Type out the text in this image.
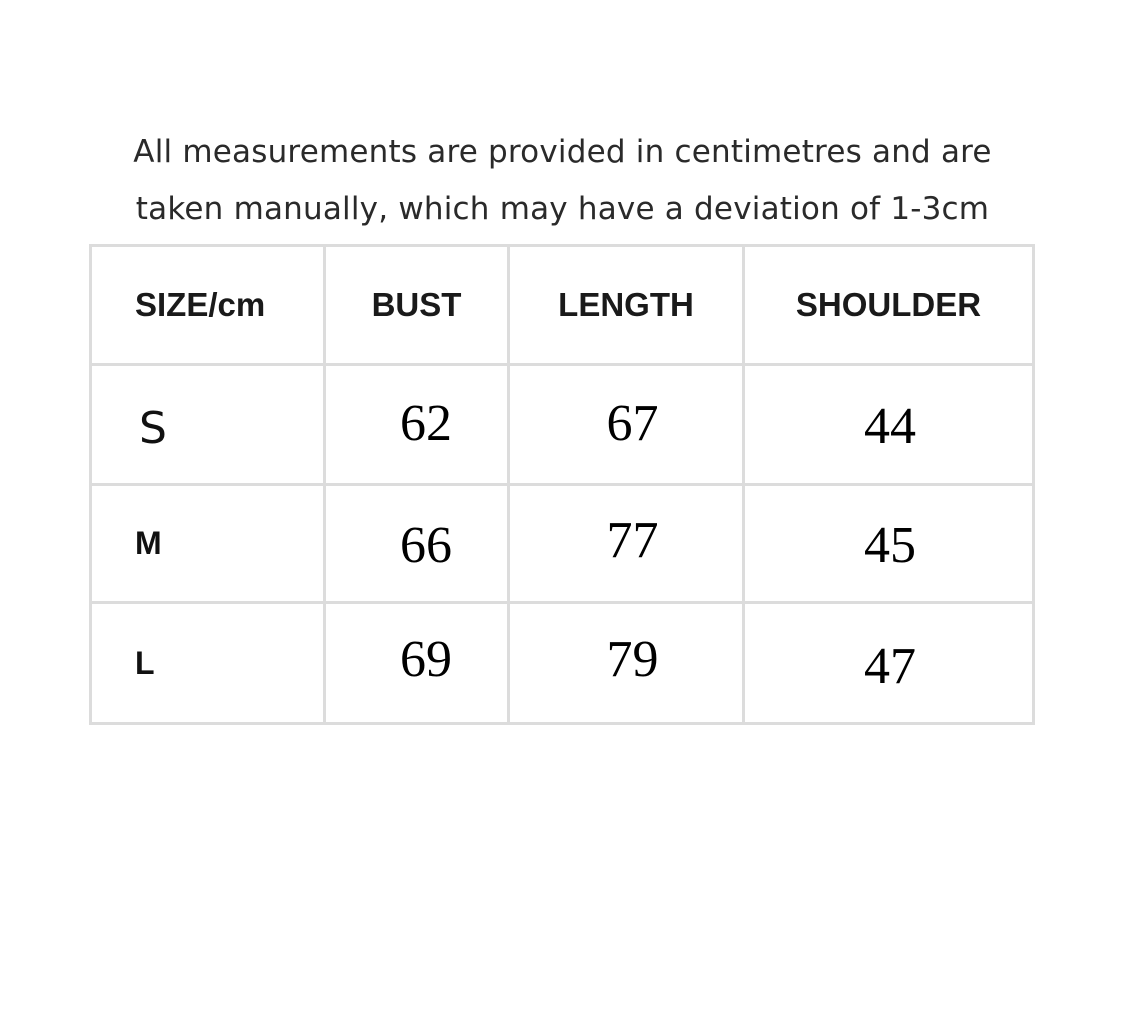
All measurements are provided in centimetres and are
taken manually, which may have a deviation of 1-3cm
SIZE/cm	BUST	LENGTH	SHOULDER
S	62	67	44
M	66	77	45
L	69	79	47
